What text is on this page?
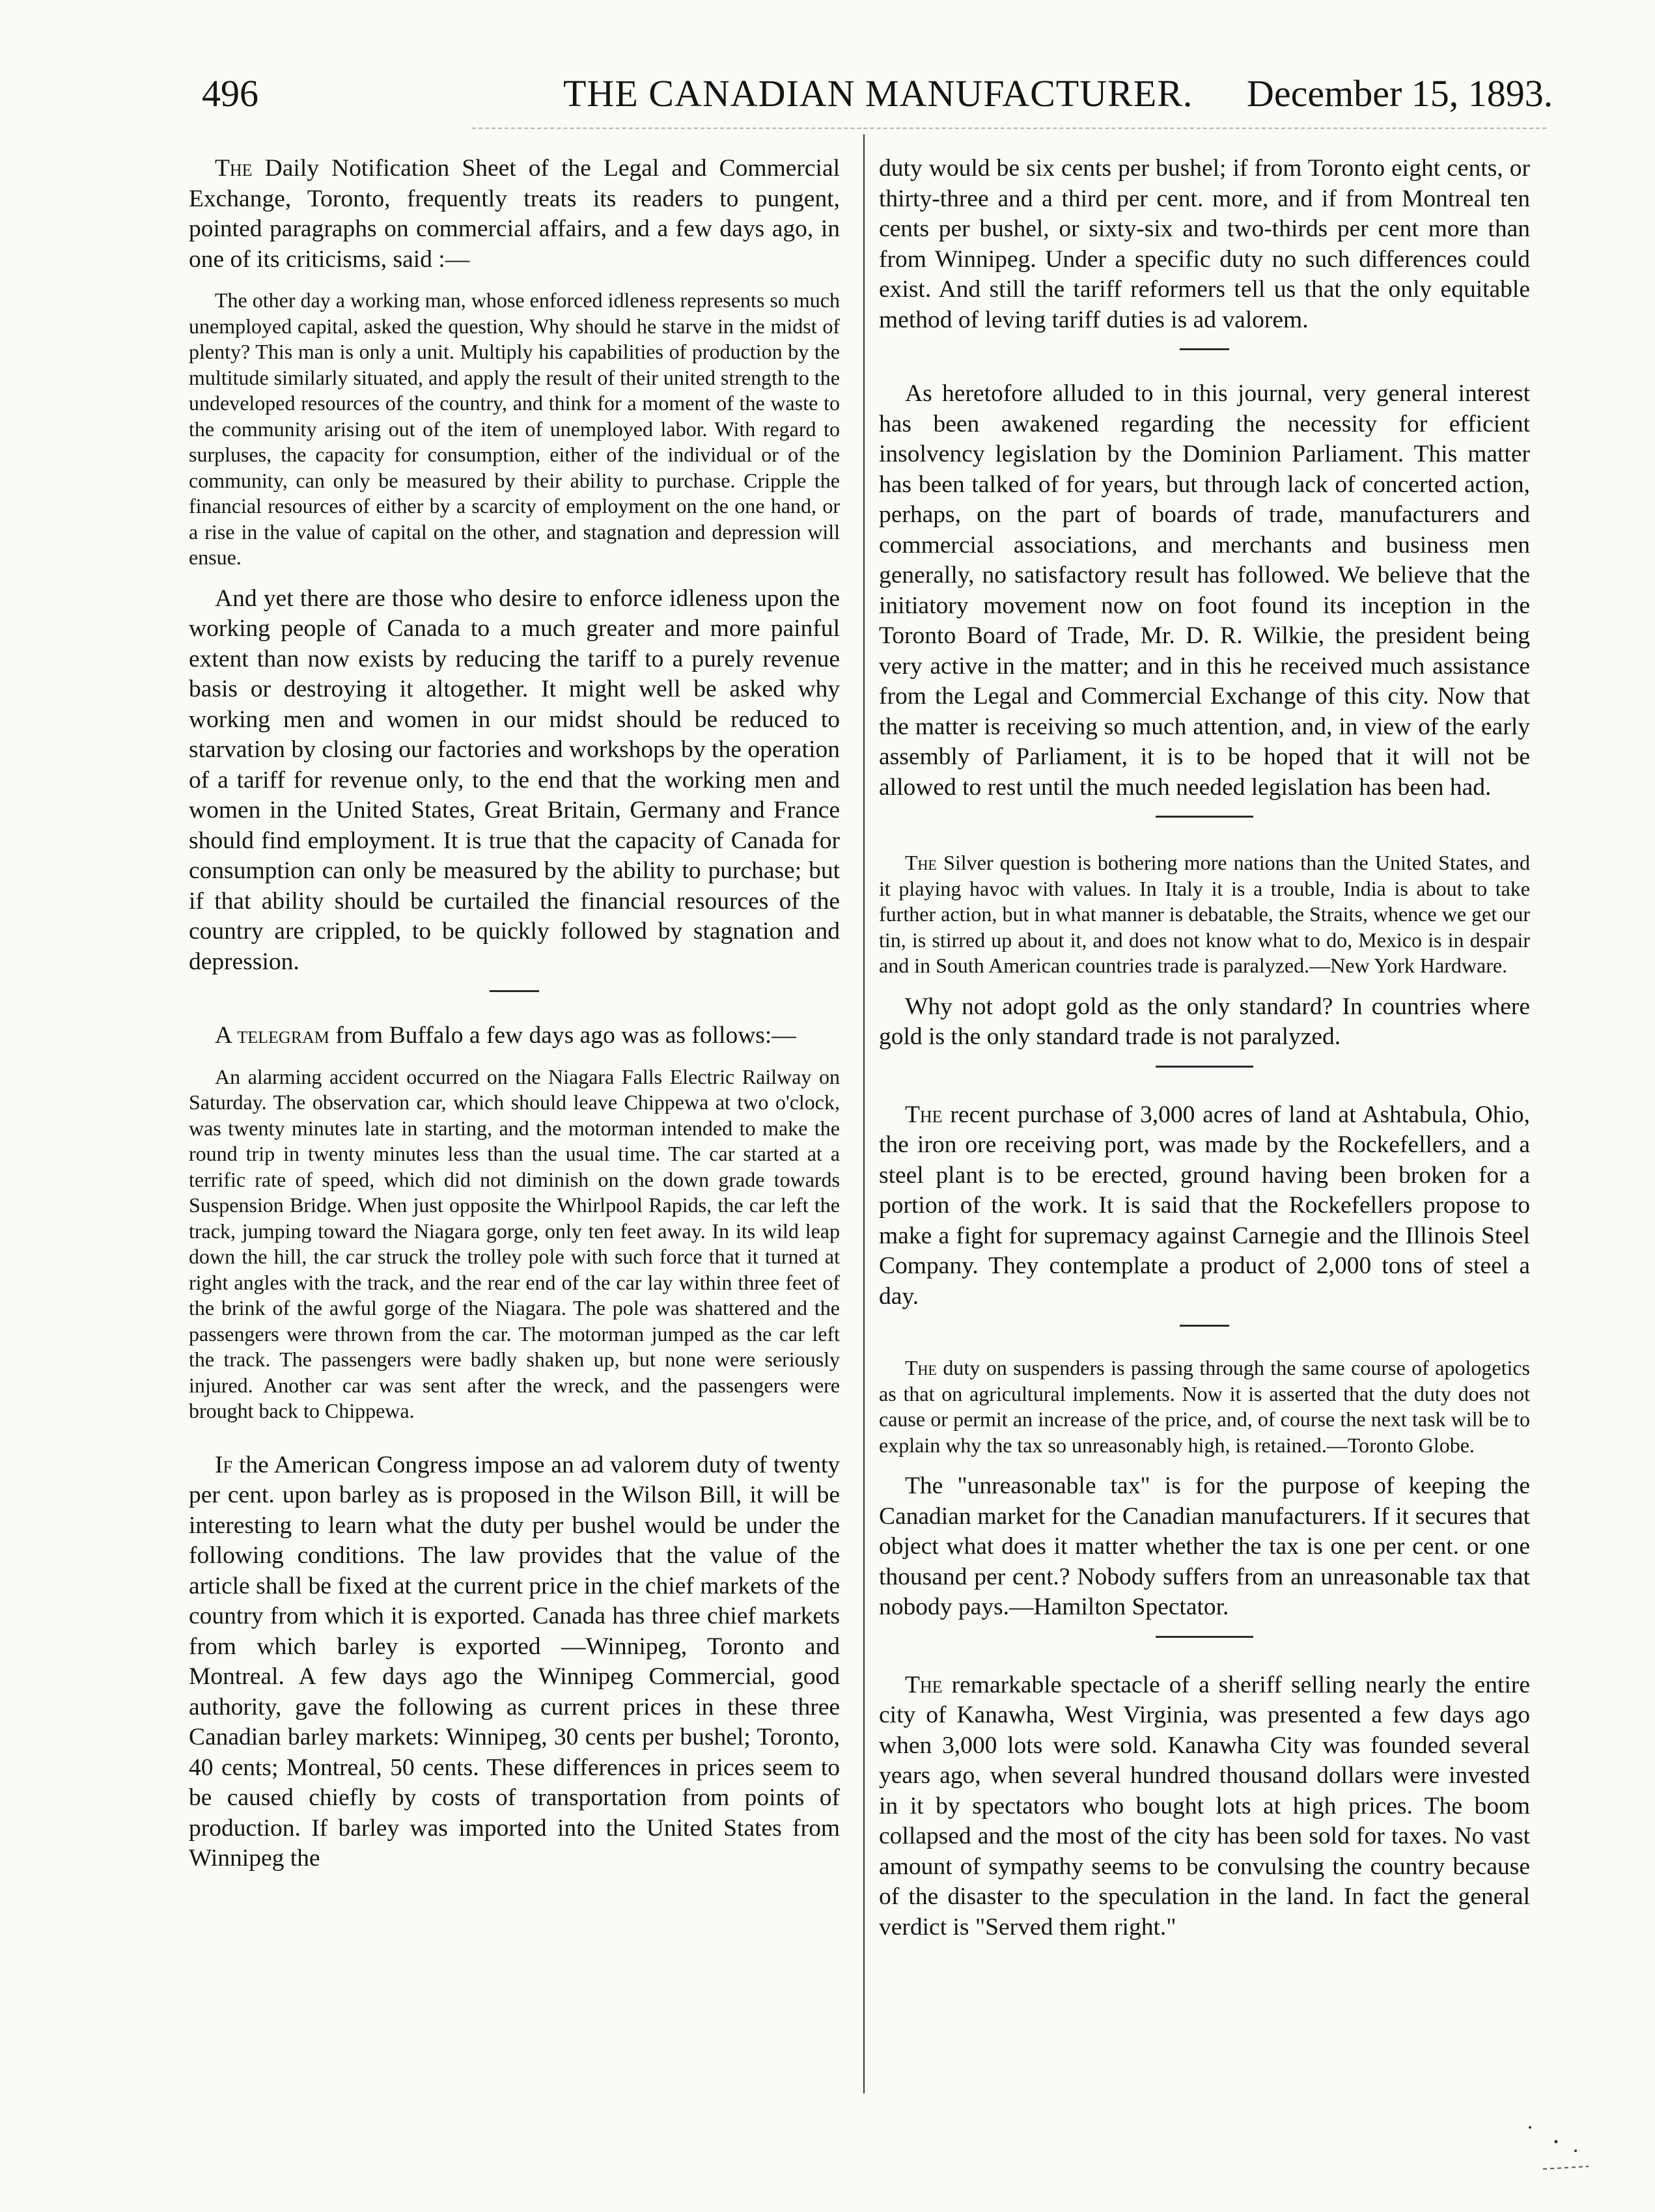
496	THE CANADIAN MANUFACTURER. December 15, 1893.

The Daily Notification Sheet of the Legal and Commercial Exchange, Toronto, frequently treats its readers to pungent, pointed paragraphs on commercial affairs, and a few days ago, in one of its criticisms, said :—

The other day a working man, whose enforced idleness represents so much unemployed capital, asked the question, Why should he starve in the midst of plenty? This man is only a unit. Multiply his capabilities of production by the multitude similarly situated, and apply the result of their united strength to the undeveloped resources of the country, and think for a moment of the waste to the community arising out of the item of unemployed labor. With regard to surpluses, the capacity for consumption, either of the individual or of the community, can only be measured by their ability to purchase. Cripple the financial resources of either by a scarcity of employment on the one hand, or a rise in the value of capital on the other, and stagnation and depression will ensue.

And yet there are those who desire to enforce idleness upon the working people of Canada to a much greater and more painful extent than now exists by reducing the tariff to a purely revenue basis or destroying it altogether. It might well be asked why working men and women in our midst should be reduced to starvation by closing our factories and workshops by the operation of a tariff for revenue only, to the end that the working men and women in the United States, Great Britain, Germany and France should find employment. It is true that the capacity of Canada for consumption can only be measured by the ability to purchase; but if that ability should be curtailed the financial resources of the country are crippled, to be quickly followed by stagnation and depression.

A telegram from Buffalo a few days ago was as follows:—

An alarming accident occurred on the Niagara Falls Electric Railway on Saturday. The observation car, which should leave Chippewa at two o'clock, was twenty minutes late in starting, and the motorman intended to make the round trip in twenty minutes less than the usual time. The car started at a terrific rate of speed, which did not diminish on the down grade towards Suspension Bridge. When just opposite the Whirlpool Rapids, the car left the track, jumping toward the Niagara gorge, only ten feet away. In its wild leap down the hill, the car struck the trolley pole with such force that it turned at right angles with the track, and the rear end of the car lay within three feet of the brink of the awful gorge of the Niagara. The pole was shattered and the passengers were thrown from the car. The motorman jumped as the car left the track. The passengers were badly shaken up, but none were seriously injured. Another car was sent after the wreck, and the passengers were brought back to Chippewa.

If the American Congress impose an ad valorem duty of twenty per cent. upon barley as is proposed in the Wilson Bill, it will be interesting to learn what the duty per bushel would be under the following conditions. The law provides that the value of the article shall be fixed at the current price in the chief markets of the country from which it is exported. Canada has three chief markets from which barley is exported —Winnipeg, Toronto and Montreal. A few days ago the Winnipeg Commercial, good authority, gave the following as current prices in these three Canadian barley markets: Winnipeg, 30 cents per bushel; Toronto, 40 cents; Montreal, 50 cents. These differences in prices seem to be caused chiefly by costs of transportation from points of production. If barley was imported into the United States from Winnipeg the

duty would be six cents per bushel; if from Toronto eight cents, or thirty-three and a third per cent. more, and if from Montreal ten cents per bushel, or sixty-six and two-thirds per cent more than from Winnipeg. Under a specific duty no such differences could exist. And still the tariff reformers tell us that the only equitable method of leving tariff duties is ad valorem.

As heretofore alluded to in this journal, very general interest has been awakened regarding the necessity for efficient insolvency legislation by the Dominion Parliament. This matter has been talked of for years, but through lack of concerted action, perhaps, on the part of boards of trade, manufacturers and commercial associations, and merchants and business men generally, no satisfactory result has followed. We believe that the initiatory movement now on foot found its inception in the Toronto Board of Trade, Mr. D. R. Wilkie, the president being very active in the matter; and in this he received much assistance from the Legal and Commercial Exchange of this city. Now that the matter is receiving so much attention, and, in view of the early assembly of Parliament, it is to be hoped that it will not be allowed to rest until the much needed legislation has been had.

The Silver question is bothering more nations than the United States, and it playing havoc with values. In Italy it is a trouble, India is about to take further action, but in what manner is debatable, the Straits, whence we get our tin, is stirred up about it, and does not know what to do, Mexico is in despair and in South American countries trade is paralyzed.—New York Hardware.

Why not adopt gold as the only standard? In countries where gold is the only standard trade is not paralyzed.

The recent purchase of 3,000 acres of land at Ashtabula, Ohio, the iron ore receiving port, was made by the Rockefellers, and a steel plant is to be erected, ground having been broken for a portion of the work. It is said that the Rockefellers propose to make a fight for supremacy against Carnegie and the Illinois Steel Company. They contemplate a product of 2,000 tons of steel a day.

The duty on suspenders is passing through the same course of apologetics as that on agricultural implements. Now it is asserted that the duty does not cause or permit an increase of the price, and, of course the next task will be to explain why the tax so unreasonably high, is retained.—Toronto Globe.

The "unreasonable tax" is for the purpose of keeping the Canadian market for the Canadian manufacturers. If it secures that object what does it matter whether the tax is one per cent. or one thousand per cent.? Nobody suffers from an unreasonable tax that nobody pays.—Hamilton Spectator.

The remarkable spectacle of a sheriff selling nearly the entire city of Kanawha, West Virginia, was presented a few days ago when 3,000 lots were sold. Kanawha City was founded several years ago, when several hundred thousand dollars were invested in it by spectators who bought lots at high prices. The boom collapsed and the most of the city has been sold for taxes. No vast amount of sympathy seems to be convulsing the country because of the disaster to the speculation in the land. In fact the general verdict is "Served them right."
